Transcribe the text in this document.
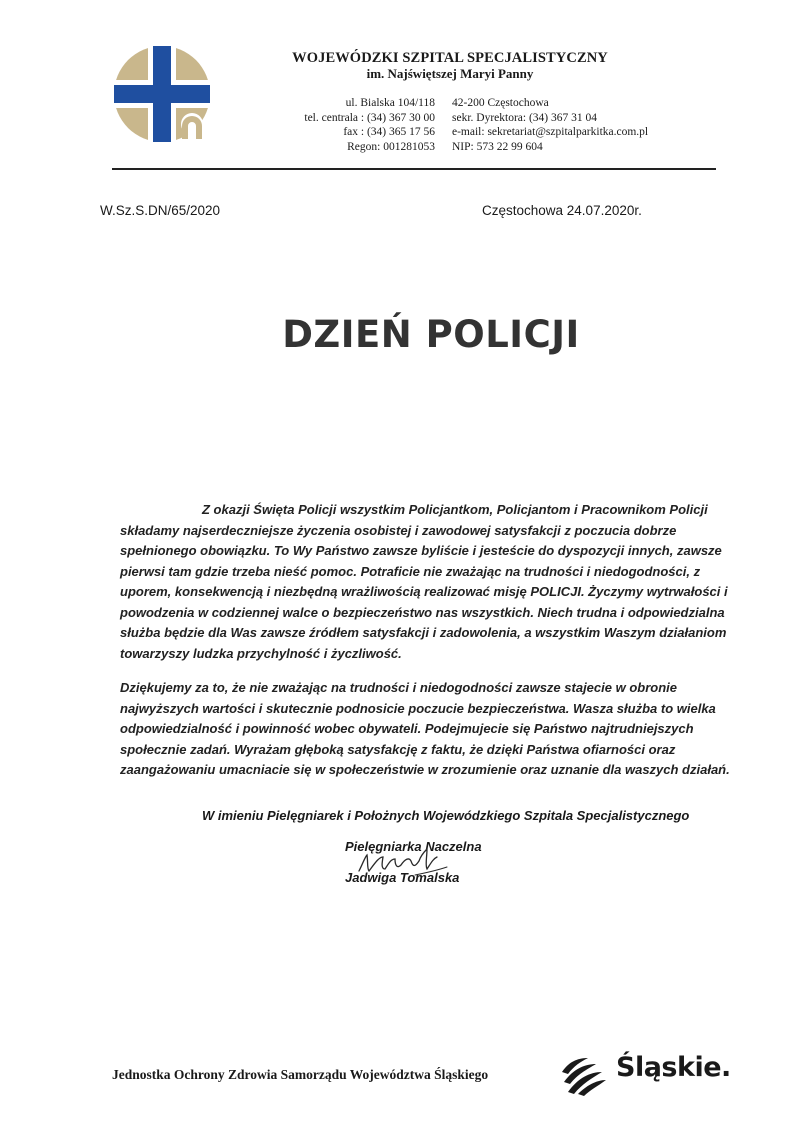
WOJEWÓDZKI SZPITAL SPECJALISTYCZNY
im. Najświętszej Maryi Panny
ul. Bialska 104/118
tel. centrala : (34) 367 30 00
fax : (34) 365 17 56
Regon: 001281053
42-200 Częstochowa
sekr. Dyrektora: (34) 367 31 04
e-mail: sekretariat@szpitalparkitka.com.pl
NIP: 573 22 99 604
W.Sz.S.DN/65/2020	Częstochowa 24.07.2020r.
DZIEŃ POLICJI

Z okazji Święta Policji wszystkim Policjantkom, Policjantom i Pracownikom Policji

składamy najserdeczniejsze życzenia osobistej i zawodowej satysfakcji z poczucia dobrze

spełnionego obowiązku. To Wy Państwo zawsze byliście i jesteście do dyspozycji innych, zawsze

pierwsi tam gdzie trzeba nieść pomoc. Potraficie nie zważając na trudności i niedogodności, z

uporem, konsekwencją i niezbędną wrażliwością realizować misję POLICJI. Życzymy wytrwałości i

powodzenia w codziennej walce o bezpieczeństwo nas wszystkich. Niech trudna i odpowiedzialna

służba będzie dla Was zawsze źródłem satysfakcji i zadowolenia, a wszystkim Waszym działaniom

towarzyszy ludzka przychylność i życzliwość.

Dziękujemy za to, że nie zważając na trudności i niedogodności zawsze stajecie w obronie

najwyższych wartości i skutecznie podnosicie poczucie bezpieczeństwa. Wasza służba to wielka

odpowiedzialność i powinność wobec obywateli. Podejmujecie się Państwo najtrudniejszych

społecznie zadań. Wyrażam głęboką satysfakcję z faktu, że dzięki Państwa ofiarności oraz

zaangażowaniu umacniacie się w społeczeństwie w zrozumienie oraz uznanie dla waszych działań.

W imieniu Pielęgniarek i Położnych Wojewódzkiego Szpitala Specjalistycznego
Pielęgniarka Naczelna
Jadwiga Tomalska
Jednostka Ochrony Zdrowia Samorządu Województwa Śląskiego	Śląskie.
